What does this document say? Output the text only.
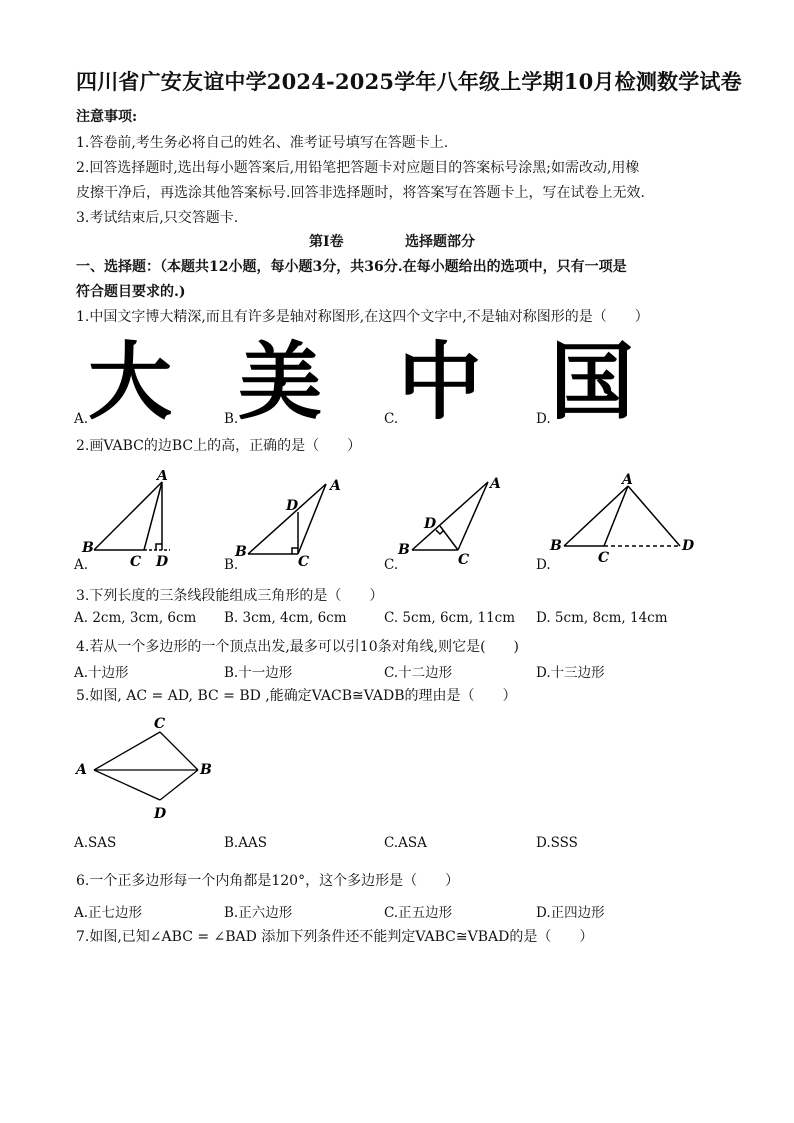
四川省广安友谊中学2024-2025学年八年级上学期10月检测数学试卷
注意事项:
1.答卷前,考生务必将自己的姓名、准考证号填写在答题卡上.
2.回答选择题时,选出每小题答案后,用铅笔把答题卡对应题目的答案标号涂黑;如需改动,用橡
皮擦干净后，再选涂其他答案标号.回答非选择题时，将答案写在答题卡上，写在试卷上无效.
3.考试结束后,只交答题卡.
第I卷	选择题部分
一、选择题：（本题共12小题，每小题3分，共36分.在每小题给出的选项中，只有一项是
符合题目要求的.)
1.中国文字博大精深,而且有许多是轴对称图形,在这四个文字中,不是轴对称图形的是（　　）
大 美 中 国
A.	B.	C.	D.
2.画VABC的边BC上的高，正确的是（　　）
B
C D
A
A.
B
C
D
A
B.
B
C
D
A
C.
B
C
D
A
D.
3.下列长度的三条线段能组成三角形的是（　　）
A. 2cm, 3cm, 6cm B. 3cm, 4cm, 6cm	C. 5cm, 6cm, 11cm D. 5cm, 8cm, 14cm
4.若从一个多边形的一个顶点出发,最多可以引10条对角线,则它是(　　)
A.十边形	B.十一边形	C.十二边形	D.十三边形
5.如图, AC = AD, BC = BD ,能确定VACB≅VADB的理由是（　　）
C
A	B
D
A.SAS	B.AAS	C.ASA	D.SSS
6.一个正多边形每一个内角都是120°，这个多边形是（　　）
A.正七边形	B.正六边形	C.正五边形	D.正四边形
7.如图,已知∠ABC = ∠BAD 添加下列条件还不能判定VABC≅VBAD的是（　　）
